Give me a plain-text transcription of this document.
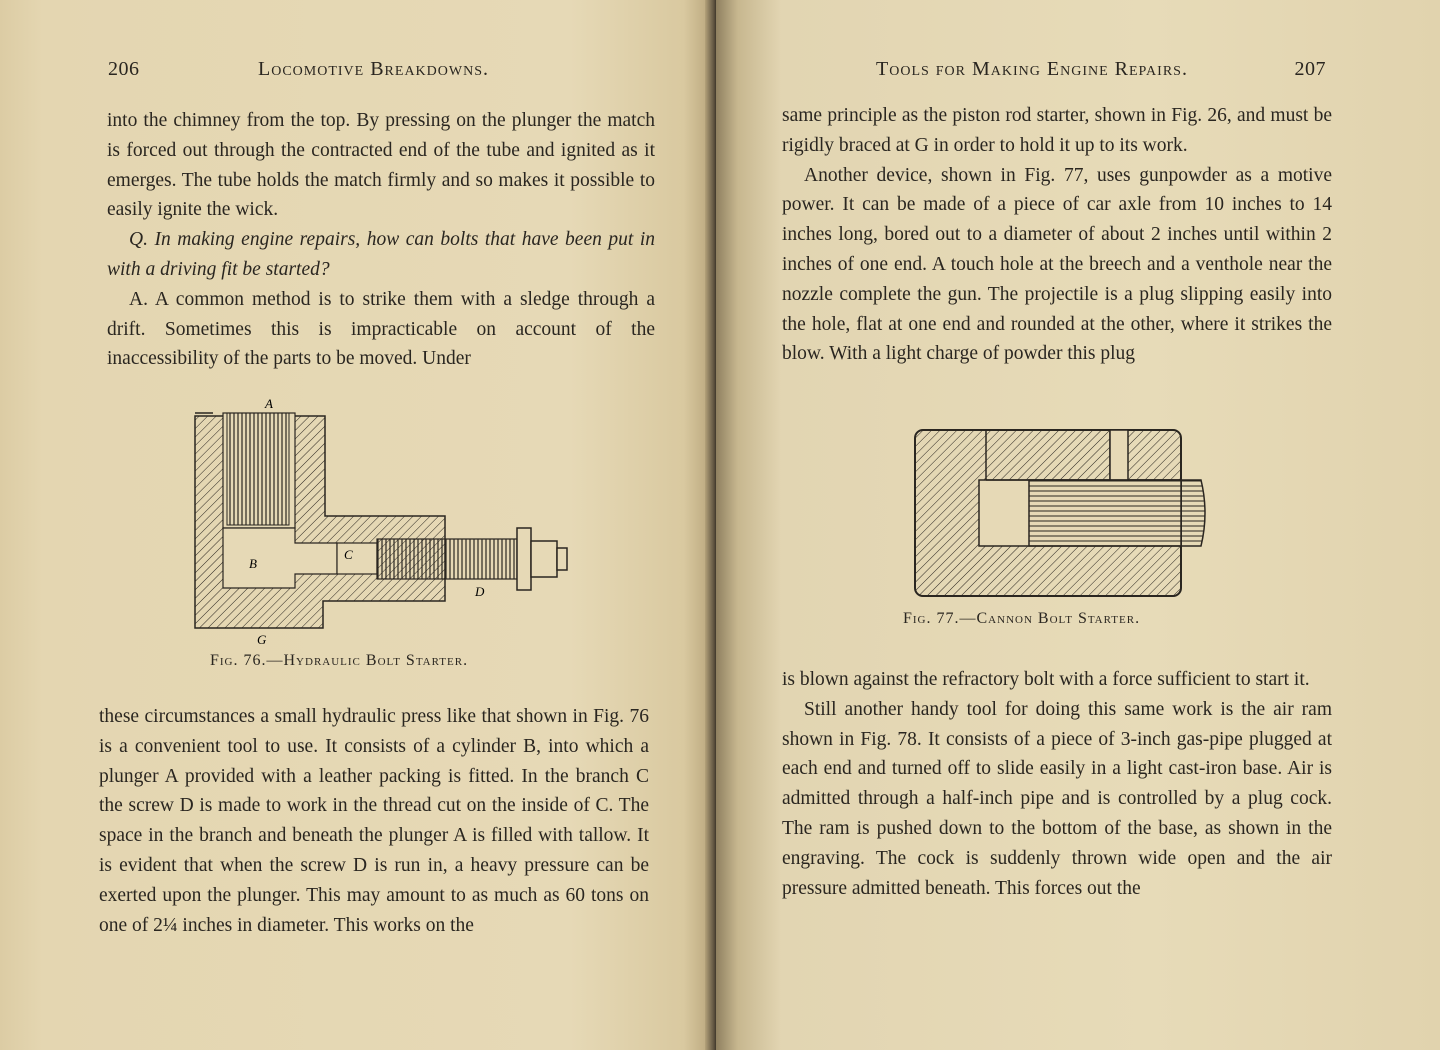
206	Locomotive Breakdowns.

into the chimney from the top. By pressing on the plunger the match is forced out through the contracted end of the tube and ignited as it emerges. The tube holds the match firmly and so makes it possible to easily ignite the wick.

Q. In making engine repairs, how can bolts that have been put in with a driving fit be started?

A. A common method is to strike them with a sledge through a drift. Sometimes this is impracticable on account of the inaccessibility of the parts to be moved. Under

A
B
C
D
G
Fig. 76.—Hydraulic Bolt Starter.

these circumstances a small hydraulic press like that shown in Fig. 76 is a convenient tool to use. It consists of a cylinder B, into which a plunger A provided with a leather packing is fitted. In the branch C the screw D is made to work in the thread cut on the inside of C. The space in the branch and beneath the plunger A is filled with tallow. It is evident that when the screw D is run in, a heavy pressure can be exerted upon the plunger. This may amount to as much as 60 tons on one of 2¼ inches in diameter. This works on the

Tools for Making Engine Repairs.	207

same principle as the piston rod starter, shown in Fig. 26, and must be rigidly braced at G in order to hold it up to its work.

Another device, shown in Fig. 77, uses gunpowder as a motive power. It can be made of a piece of car axle from 10 inches to 14 inches long, bored out to a diameter of about 2 inches until within 2 inches of one end. A touch hole at the breech and a venthole near the nozzle complete the gun. The projectile is a plug slipping easily into the hole, flat at one end and rounded at the other, where it strikes the blow. With a light charge of powder this plug

Fig. 77.—Cannon Bolt Starter.

is blown against the refractory bolt with a force sufficient to start it.

Still another handy tool for doing this same work is the air ram shown in Fig. 78. It consists of a piece of 3-inch gas-pipe plugged at each end and turned off to slide easily in a light cast-iron base. Air is admitted through a half-inch pipe and is controlled by a plug cock. The ram is pushed down to the bottom of the base, as shown in the engraving. The cock is suddenly thrown wide open and the air pressure admitted beneath. This forces out the
